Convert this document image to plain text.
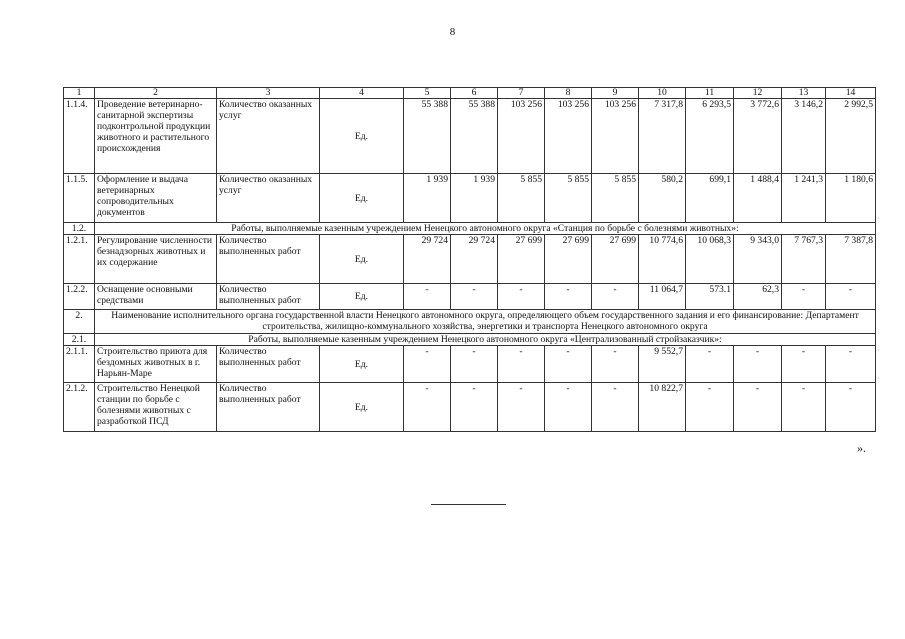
8
1	2	3	4	5	6	7	8	9	10	11	12	13	14
1.1.4.	Проведение ветеринарно-санитарной экспертизы подконтрольной продукции животного и растительного происхождения	Количество оказанных услуг	Ед.	55 388	55 388	103 256	103 256	103 256	7 317,8	6 293,5	3 772,6	3 146,2	2 992,5
1.1.5.	Оформление и выдача ветеринарных сопроводительных документов	Количество оказанных услуг	Ед.	1 939	1 939	5 855	5 855	5 855	580,2	699,1	1 488,4	1 241,3	1 180,6
1.2.	Работы, выполняемые казенным учреждением Ненецкого автономного округа «Станция по борьбе с болезнями животных»:												
1.2.1.	Регулирование численности безнадзорных животных и их содержание	Количество выполненных работ	Ед.	29 724	29 724	27 699	27 699	27 699	10 774,6	10 068,3	9 343,0	7 767,3	7 387,8
1.2.2.	Оснащение основными средствами	Количество выполненных работ	Ед.	-	-	-	-	-	11 064,7	573.1	62,3	-	-
2.	Наименование исполнительного органа государственной власти Ненецкого автономного округа, определяющего объем государственного задания и его финансирование: Департамент строительства, жилищно-коммунального хозяйства, энергетики и транспорта Ненецкого автономного округа												
2.1.	Работы, выполняемые казенным учреждением Ненецкого автономного округа «Централизованный стройзаказчик»:												
2.1.1.	Строительство приюта для бездомных животных в г. Нарьян-Маре	Количество выполненных работ	Ед.	-	-	-	-	-	9 552,7	-	-	-	-
2.1.2.	Строительство Ненецкой станции по борьбе с болезнями животных с разработкой ПСД	Количество выполненных работ	Ед.	-	-	-	-	-	10 822,7	-	-	-	-
».
